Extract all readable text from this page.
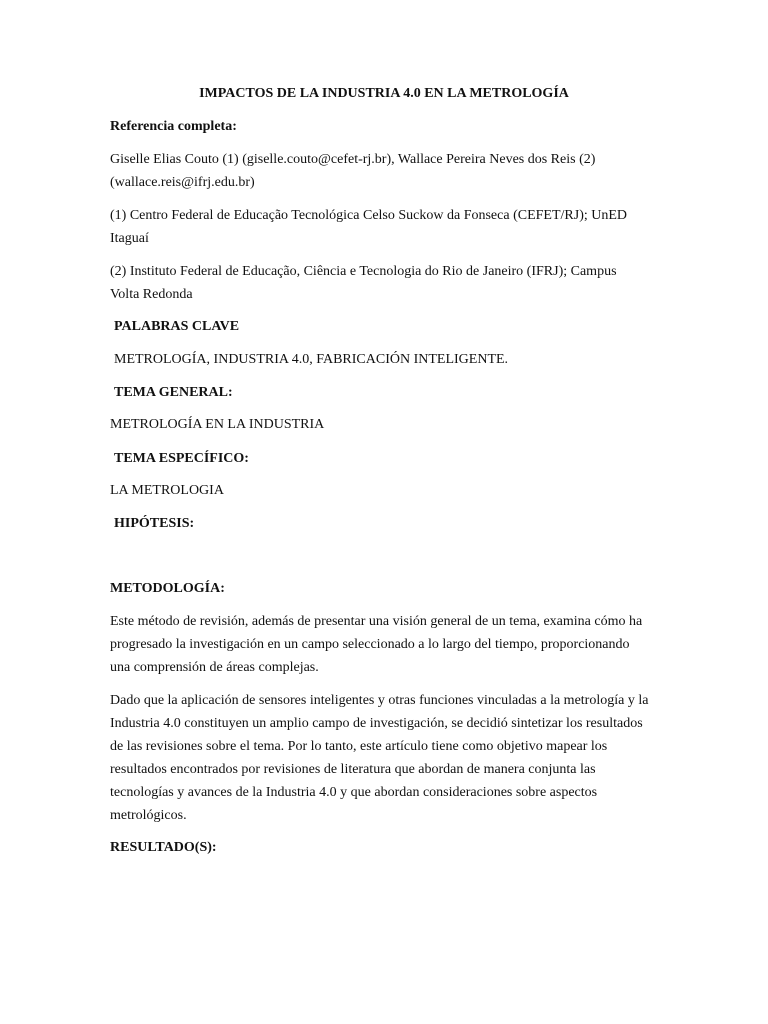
IMPACTOS DE LA INDUSTRIA 4.0 EN LA METROLOGÍA

Referencia completa:

Giselle Elias Couto (1) (giselle.couto@cefet-rj.br), Wallace Pereira Neves dos Reis (2)
(wallace.reis@ifrj.edu.br)
(1) Centro Federal de Educação Tecnológica Celso Suckow da Fonseca (CEFET/RJ); UnED
Itaguaí
(2) Instituto Federal de Educação, Ciência e Tecnologia do Rio de Janeiro (IFRJ); Campus
Volta Redonda

PALABRAS CLAVE

METROLOGÍA, INDUSTRIA 4.0, FABRICACIÓN INTELIGENTE.

TEMA GENERAL:

METROLOGÍA EN LA INDUSTRIA

TEMA ESPECÍFICO:

LA METROLOGIA

HIPÓTESIS:

METODOLOGÍA:

Este método de revisión, además de presentar una visión general de un tema, examina cómo ha
progresado la investigación en un campo seleccionado a lo largo del tiempo, proporcionando
una comprensión de áreas complejas.
Dado que la aplicación de sensores inteligentes y otras funciones vinculadas a la metrología y la
Industria 4.0 constituyen un amplio campo de investigación, se decidió sintetizar los resultados
de las revisiones sobre el tema. Por lo tanto, este artículo tiene como objetivo mapear los
resultados encontrados por revisiones de literatura que abordan de manera conjunta las
tecnologías y avances de la Industria 4.0 y que abordan consideraciones sobre aspectos
metrológicos.

RESULTADO(S):
